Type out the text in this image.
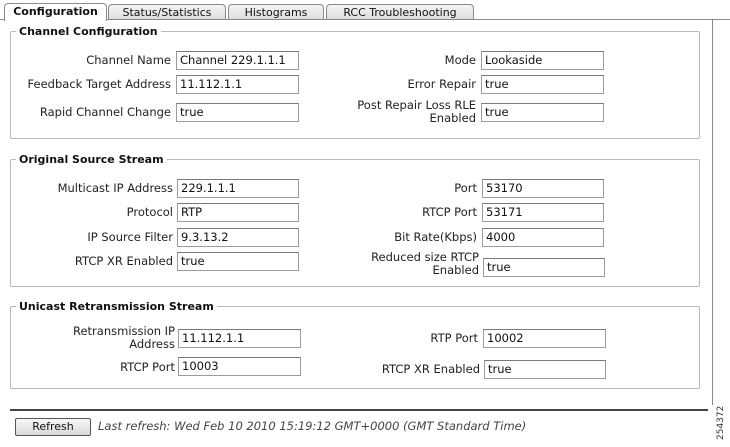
Configuration	Status/Statistics	Histograms	RCC Troubleshooting
Channel Configuration
Channel Name Channel 229.1.1.1	Mode Lookaside
Feedback Target Address 11.112.1.1	Error Repair true
Rapid Channel Change true	Post Repair Loss RLE
Enabled true
Original Source Stream
Multicast IP Address 229.1.1.1	Port 53170
Protocol RTP	RTCP Port 53171
IP Source Filter 9.3.13.2	Bit Rate(Kbps) 4000
RTCP XR Enabled true	Reduced size RTCP
Enabled true
Unicast Retransmission Stream
Retransmission IP
Address 11.112.1.1	RTP Port 10002
RTCP Port 10003	RTCP XR Enabled true
Refresh	Last refresh: Wed Feb 10 2010 15:19:12 GMT+0000 (GMT Standard Time)	254372
